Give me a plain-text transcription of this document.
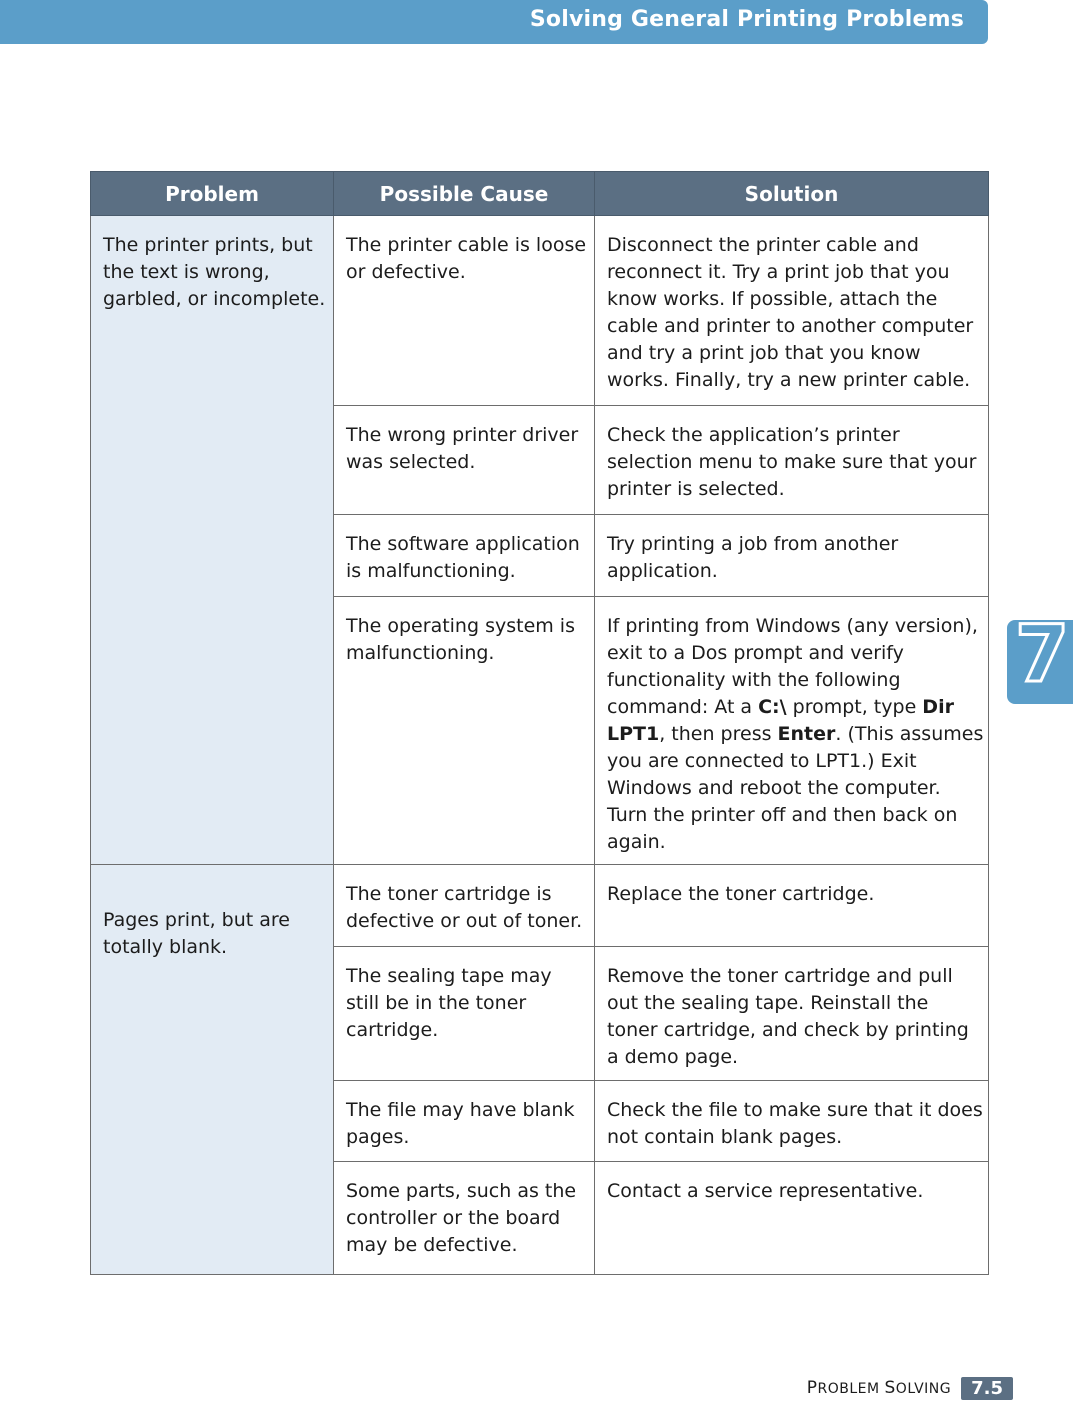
Solving General Printing Problems
7
Problem	Possible Cause	Solution
The printer prints, but the text is wrong, garbled, or incomplete.	The printer cable is loose or defective.	Disconnect the printer cable and reconnect it. Try a print job that you know works. If possible, attach the cable and printer to another computer and try a print job that you know works. Finally, try a new printer cable.
	The wrong printer driver was selected.	Check the application’s printer selection menu to make sure that your printer is selected.
	The software application is malfunctioning.	Try printing a job from another application.
	The operating system is malfunctioning.	If printing from Windows (any version), exit to a Dos prompt and verify functionality with the following command: At a C:\ prompt, type Dir LPT1, then press Enter. (This assumes you are connected to LPT1.) Exit Windows and reboot the computer. Turn the printer off and then back on again.
Pages print, but are totally blank.	The toner cartridge is defective or out of toner.	Replace the toner cartridge.
	The sealing tape may still be in the toner cartridge.	Remove the toner cartridge and pull out the sealing tape. Reinstall the toner cartridge, and check by printing a demo page.
	The file may have blank pages.	Check the file to make sure that it does not contain blank pages.
	Some parts, such as the controller or the board may be defective.	Contact a service representative.
PROBLEM SOLVING	7.5
